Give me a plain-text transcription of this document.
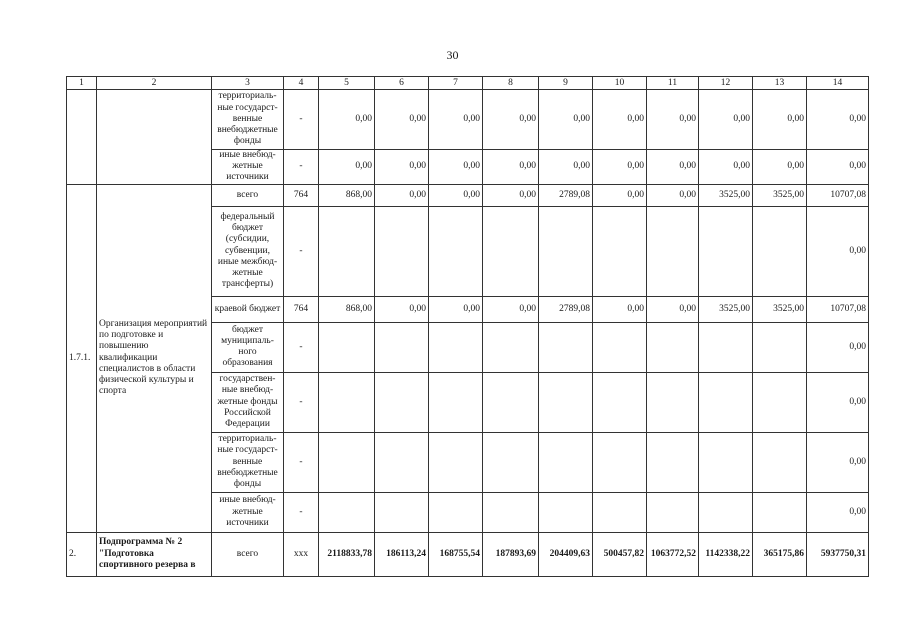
30
1	2	3	4	5	6	7	8	9	10	11	12	13	14
		территориаль-ные государст-венные внебюджетные фонды	-	0,00	0,00	0,00	0,00	0,00	0,00	0,00	0,00	0,00	0,00
		иные внебюд-жетные источники	-	0,00	0,00	0,00	0,00	0,00	0,00	0,00	0,00	0,00	0,00
1.7.1.	Организация мероприятий по подготовке и повышению квалификации специалистов в области физической культуры и спорта	всего	764	868,00	0,00	0,00	0,00	2789,08	0,00	0,00	3525,00	3525,00	10707,08
		федеральный бюджет (субсидии, субвенции, иные межбюд-жетные трансферты)	-										0,00
		краевой бюджет	764	868,00	0,00	0,00	0,00	2789,08	0,00	0,00	3525,00	3525,00	10707,08
		бюджет муниципаль-ного образования	-										0,00
		государствен-ные внебюд-жетные фонды Российской Федерации	-										0,00
		территориаль-ные государст-венные внебюджетные фонды	-										0,00
		иные внебюд-жетные источники	-										0,00
2.	Подпрограмма № 2 "Подготовка спортивного резерва в	всего	ххх	2118833,78	186113,24	168755,54	187893,69	204409,63	500457,82	1063772,52	1142338,22	365175,86	5937750,31
